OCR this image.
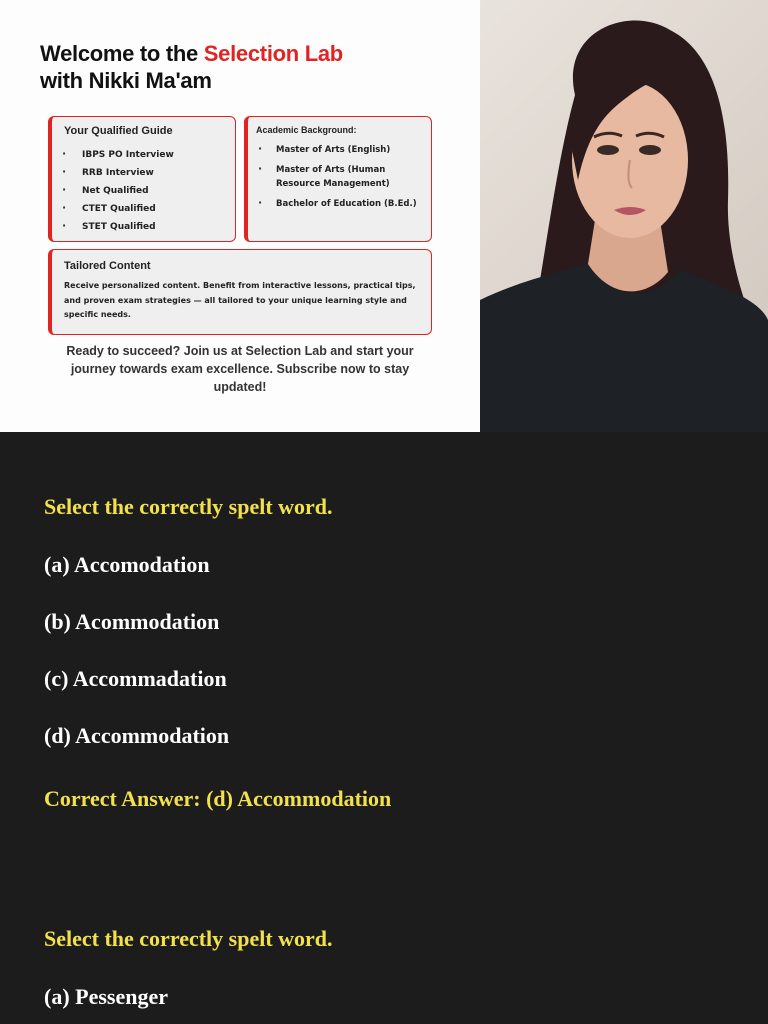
Welcome to the Selection Lab
with Nikki Ma'am
Your Qualified Guide
· IBPS PO Interview
· RRB Interview
· Net Qualified
· CTET Qualified
· STET Qualified
Academic Background:
· Master of Arts (English)
· Master of Arts (Human Resource Management)
· Bachelor of Education (B.Ed.)
Tailored Content

Receive personalized content. Benefit from interactive lessons, practical tips, and proven exam strategies — all tailored to your unique learning style and specific needs.

Ready to succeed? Join us at Selection Lab and start your journey towards exam excellence. Subscribe now to stay updated!
Select the correctly spelt word.
(a) Accomodation
(b) Acommodation
(c) Accommadation
(d) Accommodation
Correct Answer: (d) Accommodation
Select the correctly spelt word.
(a) Pessenger
